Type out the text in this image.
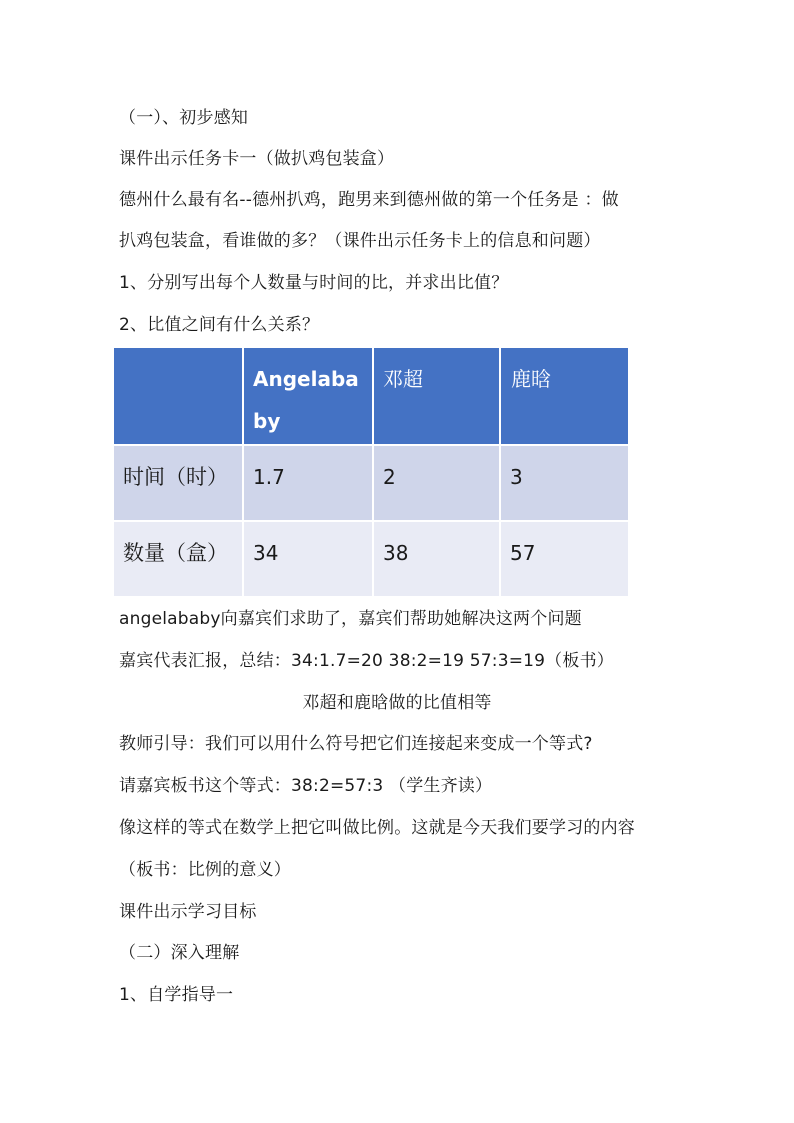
（一）、初步感知
课件出示任务卡一（做扒鸡包装盒）
德州什么最有名--德州扒鸡，跑男来到德州做的第一个任务是 ：做
扒鸡包装盒，看谁做的多？（课件出示任务卡上的信息和问题）
1、分别写出每个人数量与时间的比，并求出比值？
2、比值之间有什么关系？
	Angelababy	邓超	鹿晗
时间（时）	1.7	2	3
数量（盒）	34	38	57
angelababy向嘉宾们求助了，嘉宾们帮助她解决这两个问题
嘉宾代表汇报，总结：34:1.7=20 38:2=19 57:3=19（板书）
邓超和鹿晗做的比值相等
教师引导：我们可以用什么符号把它们连接起来变成一个等式?
请嘉宾板书这个等式：38:2=57:3 （学生齐读）
像这样的等式在数学上把它叫做比例。这就是今天我们要学习的内容
（板书：比例的意义）
课件出示学习目标
（二）深入理解
1、自学指导一
